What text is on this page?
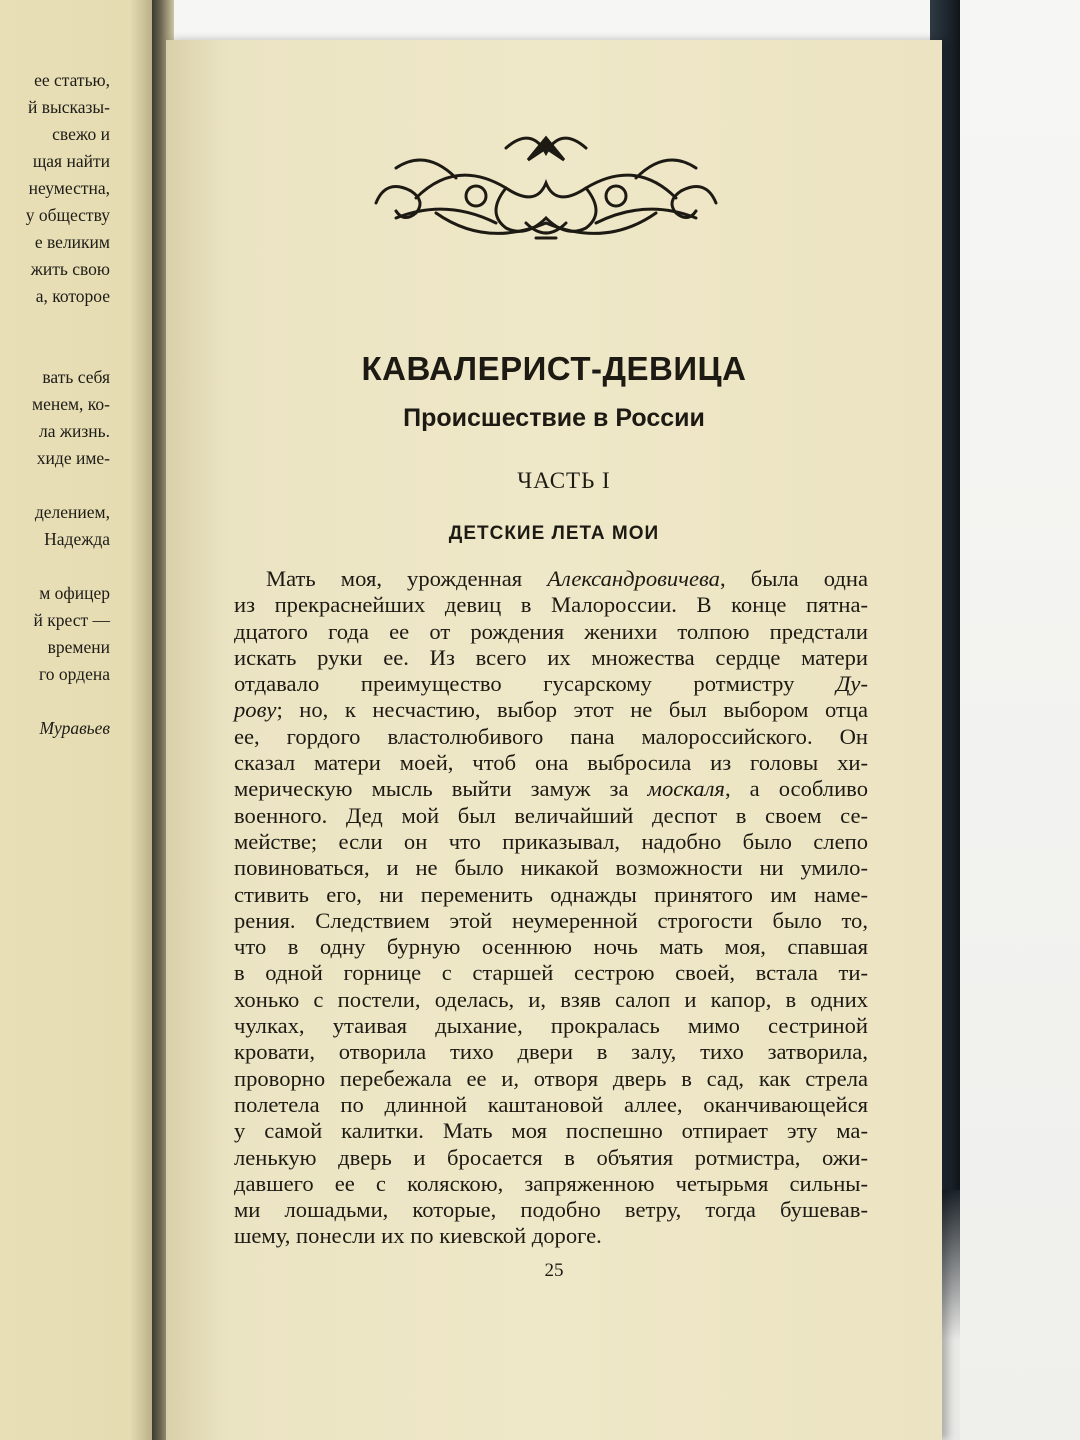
ее статью,
й высказы-
свежо и
щая найти
неуместна,
у обществу
е великим
жить свою
а, которое
вать себя
менем, ко-
ла жизнь.
хиде име-
делением,
Надежда
м офицер
й крест —
времени
го ордена
Муравьев
КАВАЛЕРИСТ-ДЕВИЦА
Происшествие в России
ЧАСТЬ I
ДЕТСКИЕ ЛЕТА МОИ
Мать моя, урожденная Александровичева, была одна
из прекраснейших девиц в Малороссии. В конце пятна-
дцатого года ее от рождения женихи толпою предстали
искать руки ее. Из всего их множества сердце матери
отдавало преимущество гусарскому ротмистру Ду-
рову; но, к несчастию, выбор этот не был выбором отца
ее, гордого властолюбивого пана малороссийского. Он
сказал матери моей, чтоб она выбросила из головы хи-
мерическую мысль выйти замуж за москаля, а особливо
военного. Дед мой был величайший деспот в своем се-
мействе; если он что приказывал, надобно было слепо
повиноваться, и не было никакой возможности ни умило-
стивить его, ни переменить однажды принятого им наме-
рения. Следствием этой неумеренной строгости было то,
что в одну бурную осеннюю ночь мать моя, спавшая
в одной горнице с старшей сестрою своей, встала ти-
хонько с постели, оделась, и, взяв салоп и капор, в одних
чулках, утаивая дыхание, прокралась мимо сестриной
кровати, отворила тихо двери в залу, тихо затворила,
проворно перебежала ее и, отворя дверь в сад, как стрела
полетела по длинной каштановой аллее, оканчивающейся
у самой калитки. Мать моя поспешно отпирает эту ма-
ленькую дверь и бросается в объятия ротмистра, ожи-
давшего ее с коляскою, запряженною четырьмя сильны-
ми лошадьми, которые, подобно ветру, тогда бушевав-
шему, понесли их по киевской дороге.
25
